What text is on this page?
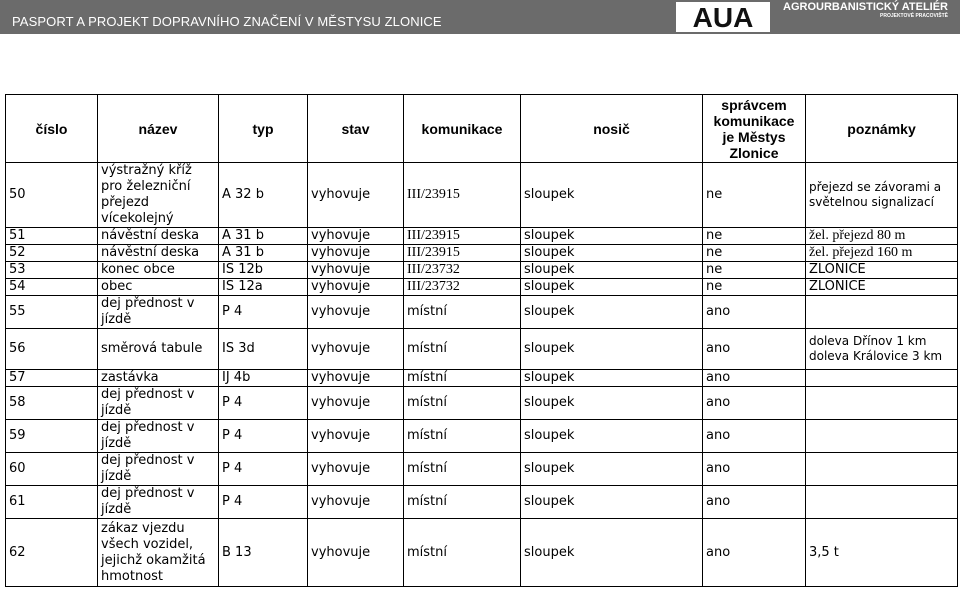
PASPORT A PROJEKT DOPRAVNÍHO ZNAČENÍ V MĚSTYSU ZLONICE	AUA	AGROURBANISTICKÝ ATELIÉR
PROJEKTOVÉ PRACOVIŠTĚ
číslo	název	typ	stav	komunikace	nosič	správcem
komunikace
je Městys
Zlonice	poznámky
50	výstražný kříž pro železniční přejezd vícekolejný	A 32 b	vyhovuje	III/23915	sloupek	ne	přejezd se závorami a světelnou signalizací
51	návěstní deska	A 31 b	vyhovuje	III/23915	sloupek	ne	žel. přejezd 80 m
52	návěstní deska	A 31 b	vyhovuje	III/23915	sloupek	ne	žel. přejezd 160 m
53	konec obce	IS 12b	vyhovuje	III/23732	sloupek	ne	ZLONICE
54	obec	IS 12a	vyhovuje	III/23732	sloupek	ne	ZLONICE
55	dej přednost v jízdě	P 4	vyhovuje	místní	sloupek	ano	
56	směrová tabule	IS 3d	vyhovuje	místní	sloupek	ano	doleva Dřínov 1 km doleva Královice 3 km
57	zastávka	IJ 4b	vyhovuje	místní	sloupek	ano	
58	dej přednost v jízdě	P 4	vyhovuje	místní	sloupek	ano	
59	dej přednost v jízdě	P 4	vyhovuje	místní	sloupek	ano	
60	dej přednost v jízdě	P 4	vyhovuje	místní	sloupek	ano	
61	dej přednost v jízdě	P 4	vyhovuje	místní	sloupek	ano	
62	zákaz vjezdu všech vozidel, jejichž okamžitá hmotnost	B 13	vyhovuje	místní	sloupek	ano	3,5 t
